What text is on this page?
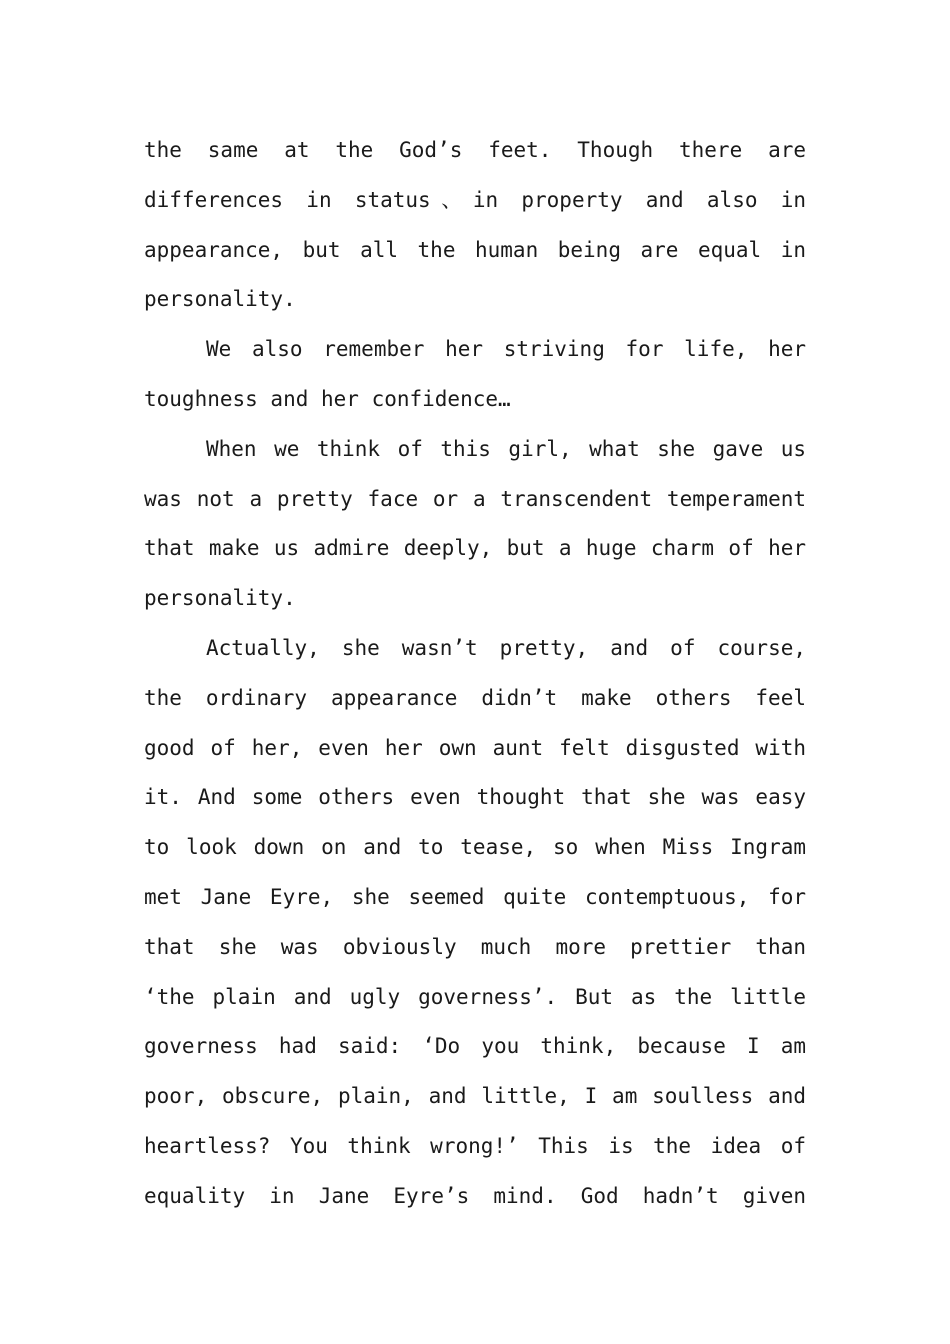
the same at the God’s feet. Though there are
differences in status、in property and also in
appearance, but all the human being are equal in
personality.
We also remember her striving for life, her
toughness and her confidence…
When we think of this girl, what she gave us
was not a pretty face or a transcendent temperament
that make us admire deeply, but a huge charm of her
personality.
Actually, she wasn’t pretty, and of course,
the ordinary appearance didn’t make others feel
good of her, even her own aunt felt disgusted with
it. And some others even thought that she was easy
to look down on and to tease, so when Miss Ingram
met Jane Eyre, she seemed quite contemptuous, for
that she was obviously much more prettier than
‘the plain and ugly governess’. But as the little
governess had said: ‘Do you think, because I am
poor, obscure, plain, and little, I am soulless and
heartless? You think wrong!’ This is the idea of
equality in Jane Eyre’s mind. God hadn’t given
